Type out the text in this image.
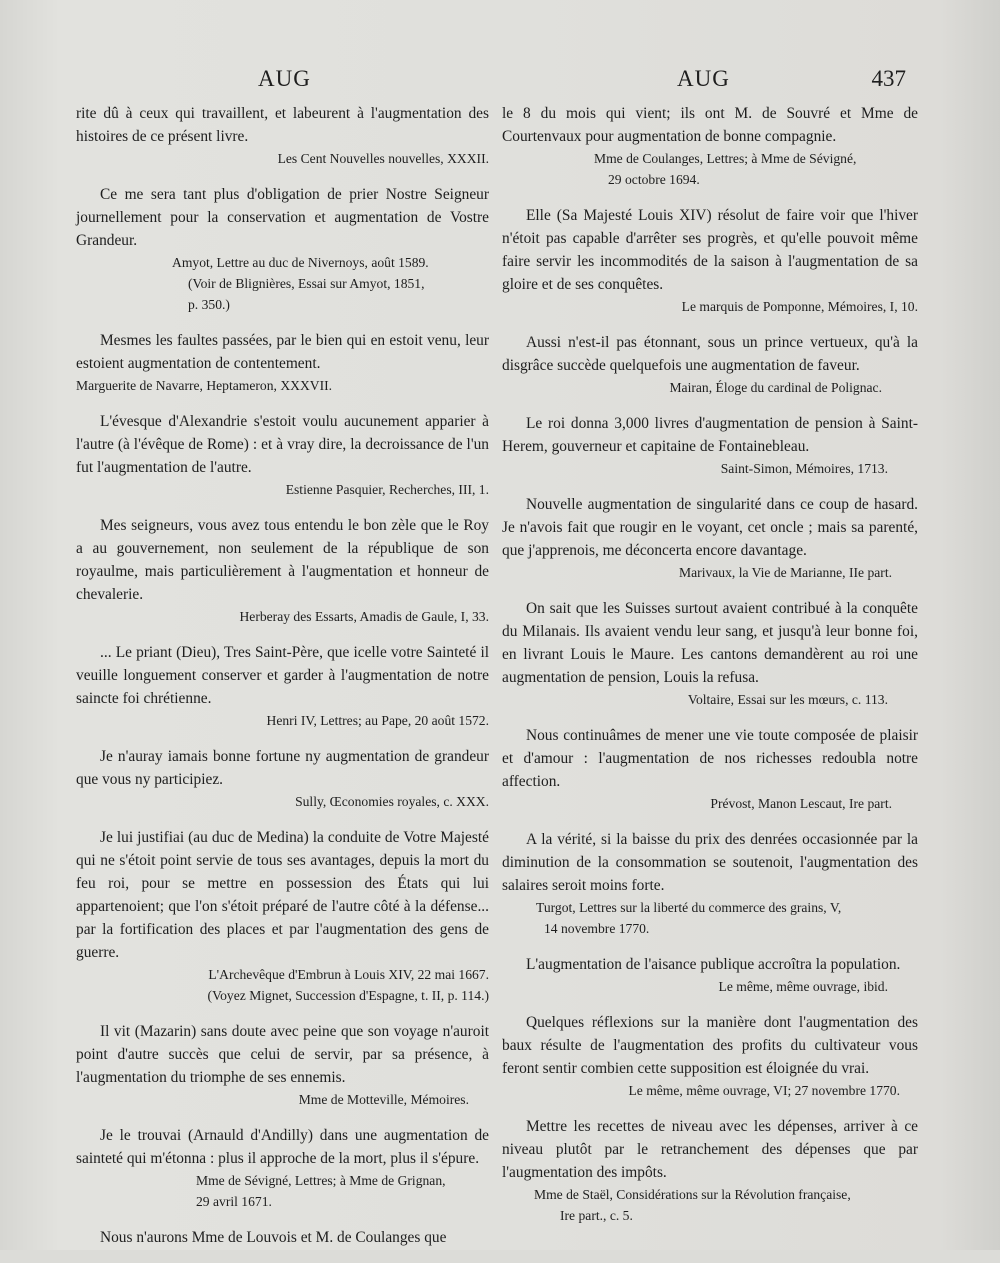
AUG	AUG	437

rite dû à ceux qui travaillent, et labeurent à l'augmentation des histoires de ce présent livre.

Les Cent Nouvelles nouvelles, XXXII.

Ce me sera tant plus d'obligation de prier Nostre Seigneur journellement pour la conservation et augmentation de Vostre Grandeur.

Amyot, Lettre au duc de Nivernoys, août 1589.
(Voir de Blignières, Essai sur Amyot, 1851,
p. 350.)

Mesmes les faultes passées, par le bien qui en estoit venu, leur estoient augmentation de contentement.

Marguerite de Navarre, Heptameron, XXXVII.

L'évesque d'Alexandrie s'estoit voulu aucunement apparier à l'autre (à l'évêque de Rome) : et à vray dire, la decroissance de l'un fut l'augmentation de l'autre.

Estienne Pasquier, Recherches, III, 1.

Mes seigneurs, vous avez tous entendu le bon zèle que le Roy a au gouvernement, non seulement de la république de son royaulme, mais particulièrement à l'augmentation et honneur de chevalerie.

Herberay des Essarts, Amadis de Gaule, I, 33.

... Le priant (Dieu), Tres Saint-Père, que icelle votre Sainteté il veuille longuement conserver et garder à l'augmentation de notre saincte foi chrétienne.

Henri IV, Lettres; au Pape, 20 août 1572.

Je n'auray iamais bonne fortune ny augmentation de grandeur que vous ny participiez.

Sully, Œconomies royales, c. XXX.

Je lui justifiai (au duc de Medina) la conduite de Votre Majesté qui ne s'étoit point servie de tous ses avantages, depuis la mort du feu roi, pour se mettre en possession des États qui lui appartenoient; que l'on s'étoit préparé de l'autre côté à la défense... par la fortification des places et par l'augmentation des gens de guerre.

L'Archevêque d'Embrun à Louis XIV, 22 mai 1667.
(Voyez Mignet, Succession d'Espagne, t. II, p. 114.)

Il vit (Mazarin) sans doute avec peine que son voyage n'auroit point d'autre succès que celui de servir, par sa présence, à l'augmentation du triomphe de ses ennemis.

Mme de Motteville, Mémoires.

Je le trouvai (Arnauld d'Andilly) dans une augmentation de sainteté qui m'étonna : plus il approche de la mort, plus il s'épure.

Mme de Sévigné, Lettres; à Mme de Grignan,
29 avril 1671.

Nous n'aurons Mme de Louvois et M. de Coulanges que

le 8 du mois qui vient; ils ont M. de Souvré et Mme de Courtenvaux pour augmentation de bonne compagnie.

Mme de Coulanges, Lettres; à Mme de Sévigné,
29 octobre 1694.

Elle (Sa Majesté Louis XIV) résolut de faire voir que l'hiver n'étoit pas capable d'arrêter ses progrès, et qu'elle pouvoit même faire servir les incommodités de la saison à l'augmentation de sa gloire et de ses conquêtes.

Le marquis de Pomponne, Mémoires, I, 10.

Aussi n'est-il pas étonnant, sous un prince vertueux, qu'à la disgrâce succède quelquefois une augmentation de faveur.

Mairan, Éloge du cardinal de Polignac.

Le roi donna 3,000 livres d'augmentation de pension à Saint-Herem, gouverneur et capitaine de Fontainebleau.

Saint-Simon, Mémoires, 1713.

Nouvelle augmentation de singularité dans ce coup de hasard. Je n'avois fait que rougir en le voyant, cet oncle ; mais sa parenté, que j'apprenois, me déconcerta encore davantage.

Marivaux, la Vie de Marianne, IIe part.

On sait que les Suisses surtout avaient contribué à la conquête du Milanais. Ils avaient vendu leur sang, et jusqu'à leur bonne foi, en livrant Louis le Maure. Les cantons demandèrent au roi une augmentation de pension, Louis la refusa.

Voltaire, Essai sur les mœurs, c. 113.

Nous continuâmes de mener une vie toute composée de plaisir et d'amour : l'augmentation de nos richesses redoubla notre affection.

Prévost, Manon Lescaut, Ire part.

A la vérité, si la baisse du prix des denrées occasionnée par la diminution de la consommation se soutenoit, l'augmentation des salaires seroit moins forte.

Turgot, Lettres sur la liberté du commerce des grains, V,
14 novembre 1770.

L'augmentation de l'aisance publique accroîtra la population.

Le même, même ouvrage, ibid.

Quelques réflexions sur la manière dont l'augmentation des baux résulte de l'augmentation des profits du cultivateur vous feront sentir combien cette supposition est éloignée du vrai.

Le même, même ouvrage, VI; 27 novembre 1770.

Mettre les recettes de niveau avec les dépenses, arriver à ce niveau plutôt par le retranchement des dépenses que par l'augmentation des impôts.

Mme de Staël, Considérations sur la Révolution française,
Ire part., c. 5.
